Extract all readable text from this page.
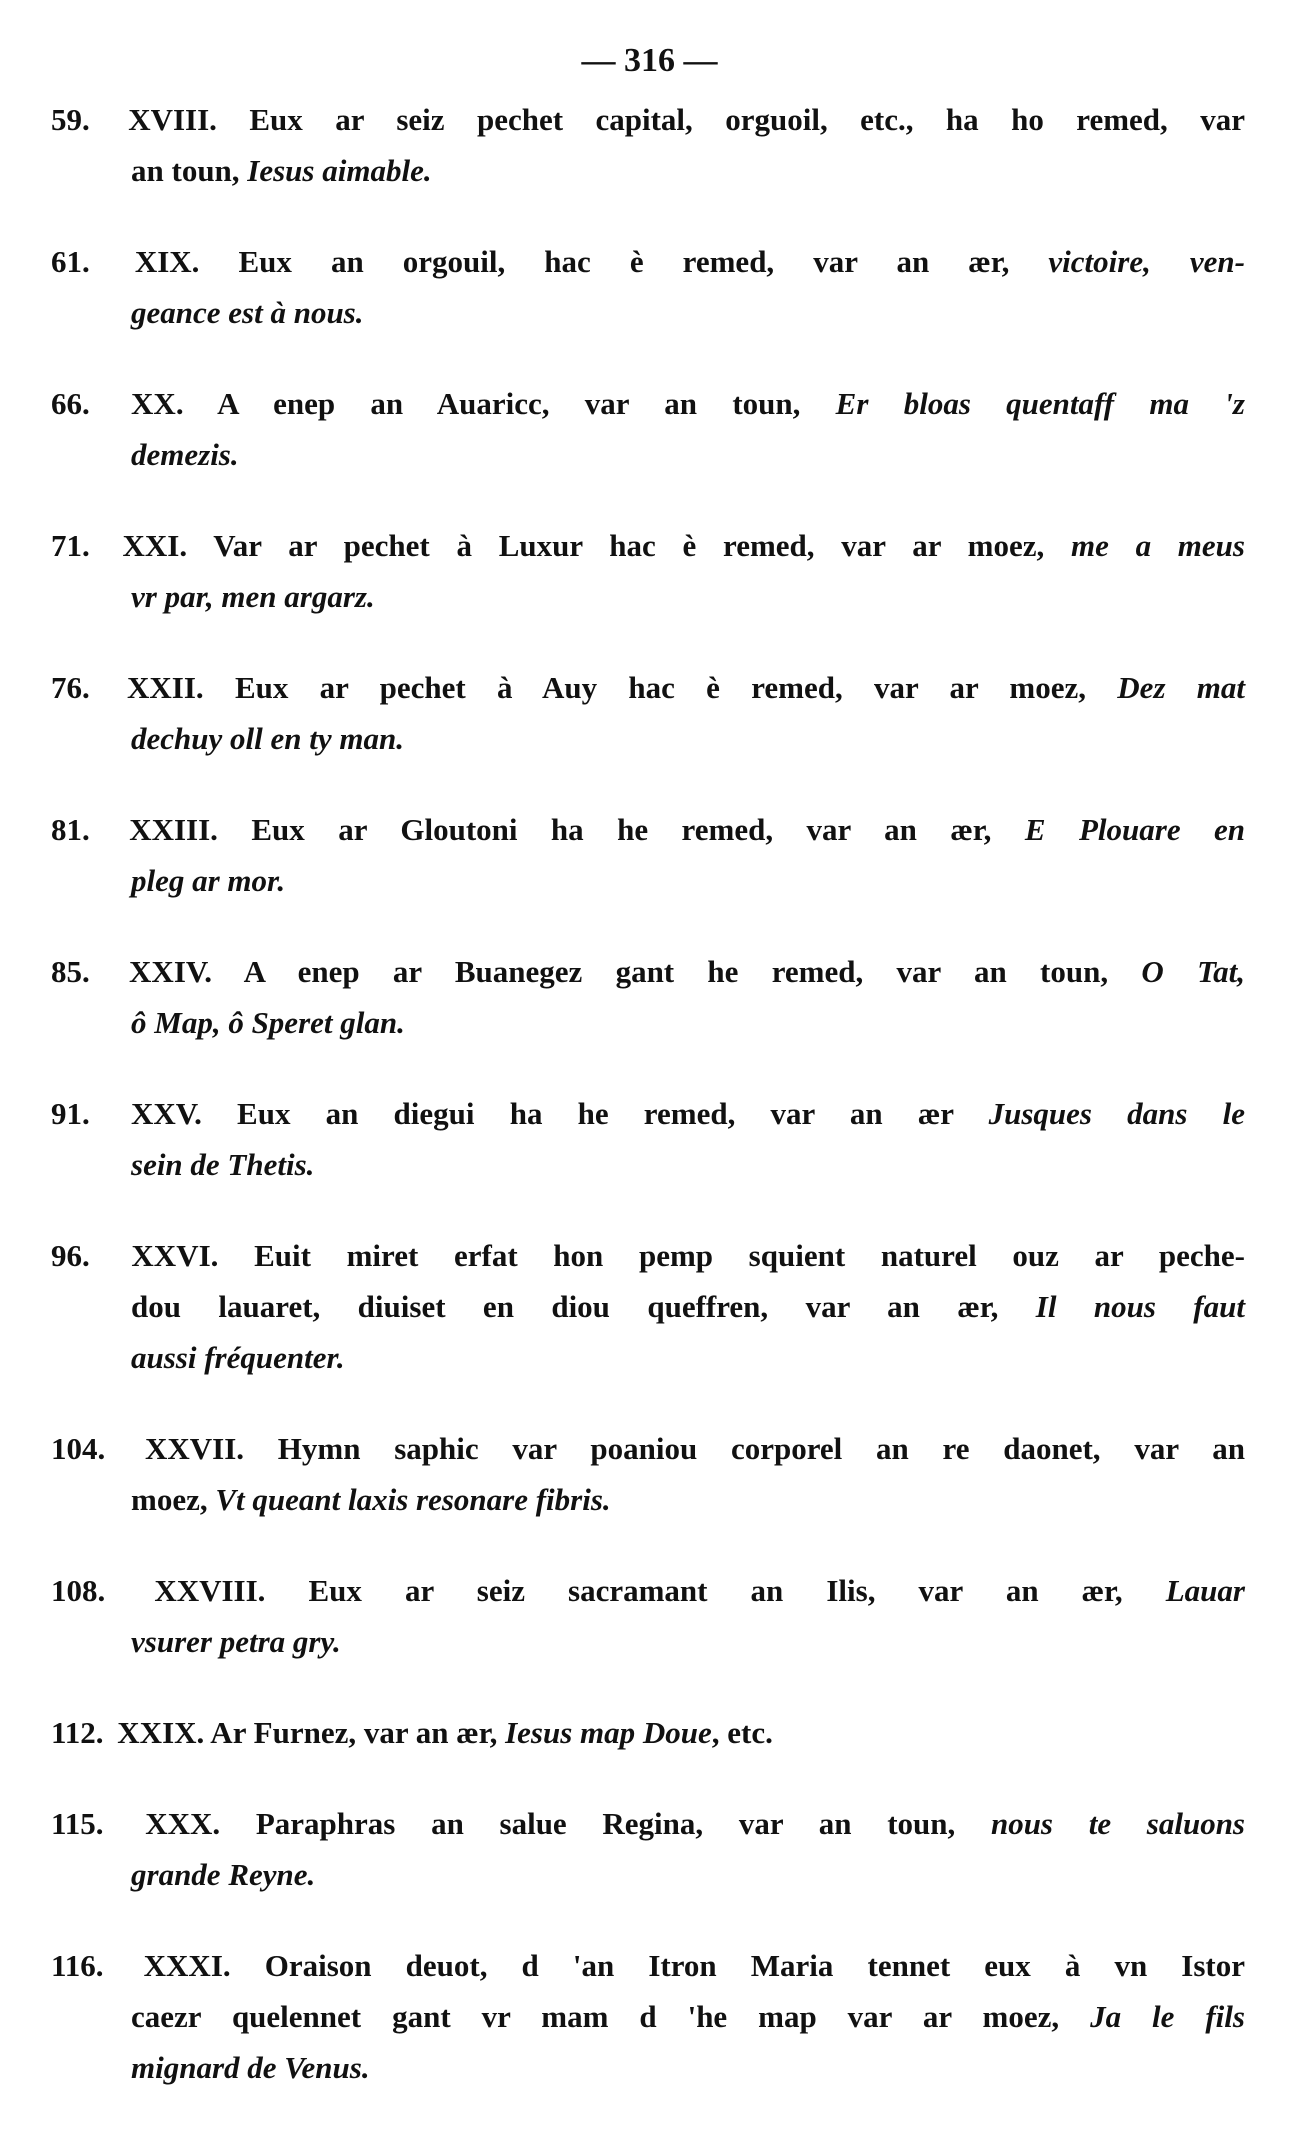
— 316 —
59. XVIII. Eux ar seiz pechet capital, orguoil, etc., ha ho remed, var
an toun, Iesus aimable.
61. XIX. Eux an orgouil, hac è remed, var an ær, victoire, ven-
geance est à nous.
66. XX. A enep an Auaricc, var an toun, Er bloas quentaff ma 'z
demezis.
71. XXI. Var ar pechet à Luxur hac è remed, var ar moez, me a meus
vr par, men argarz.
76. XXII. Eux ar pechet à Auy hac è remed, var ar moez, Dez mat
dechuy oll en ty man.
81. XXIII. Eux ar Gloutoni ha he remed, var an ær, E Plouare en
pleg ar mor.
85. XXIV. A enep ar Buanegez gant he remed, var an toun, O Tat,
ô Map, ô Speret glan.
91. XXV. Eux an diegui ha he remed, var an ær Jusques dans le
sein de Thetis.
96. XXVI. Euit miret erfat hon pemp squient naturel ouz ar peche-
dou lauaret, diuiset en diou queffren, var an ær, Il nous faut
aussi fréquenter.
104. XXVII. Hymn saphic var poaniou corporel an re daonet, var an
moez, Vt queant laxis resonare fibris.
108. XXVIII. Eux ar seiz sacramant an Ilis, var an ær, Lauar
vsurer petra gry.
112. XXIX. Ar Furnez, var an ær, Iesus map Doue, etc.
115. XXX. Paraphras an salue Regina, var an toun, nous te saluons
grande Reyne.
116. XXXI. Oraison deuot, d 'an Itron Maria tennet eux à vn Istor
caezr quelennet gant vr mam d 'he map var ar moez, Ja le fils
mignard de Venus.
